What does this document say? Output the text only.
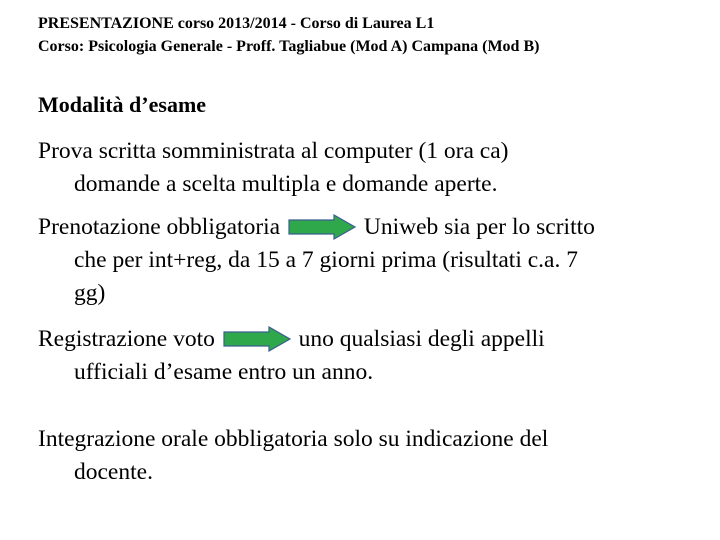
PRESENTAZIONE corso 2013/2014 - Corso di Laurea L1
Corso: Psicologia Generale - Proff. Tagliabue (Mod A) Campana (Mod B)
Modalità d’esame
Prova scritta somministrata al computer (1 ora ca)
domande a scelta multipla e domande aperte.
Prenotazione obbligatoria	Uniweb sia per lo scritto
che per int+reg, da 15 a 7 giorni prima (risultati c.a. 7
gg)
Registrazione voto	uno qualsiasi degli appelli
ufficiali d’esame entro un anno.
Integrazione orale obbligatoria solo su indicazione del
docente.
